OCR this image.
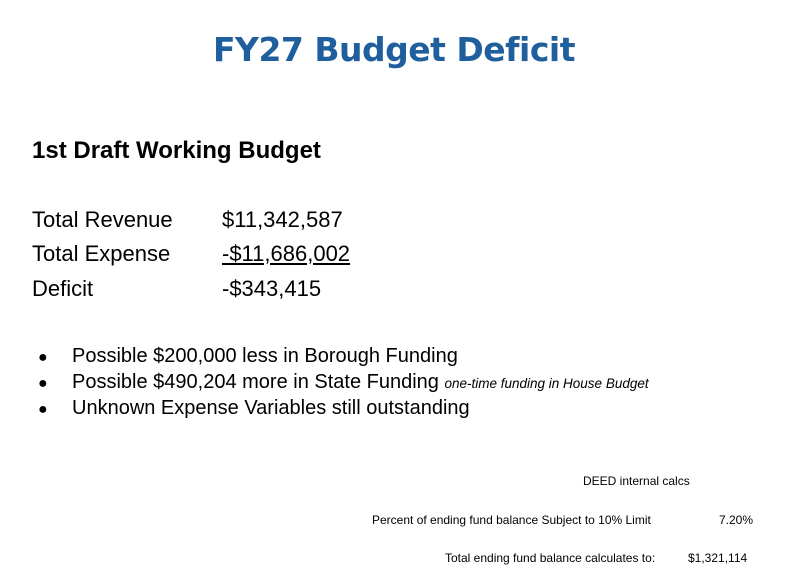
FY27 Budget Deficit
1st Draft Working Budget
Total Revenue $11,342,587
Total Expense -$11,686,002
Deficit	-$343,415
● Possible $200,000 less in Borough Funding
● Possible $490,204 more in State Funding one-time funding in House Budget
● Unknown Expense Variables still outstanding
DEED internal calcs
Percent of ending fund balance Subject to 10% Limit	7.20%
Total ending fund balance calculates to:	$1,321,114
